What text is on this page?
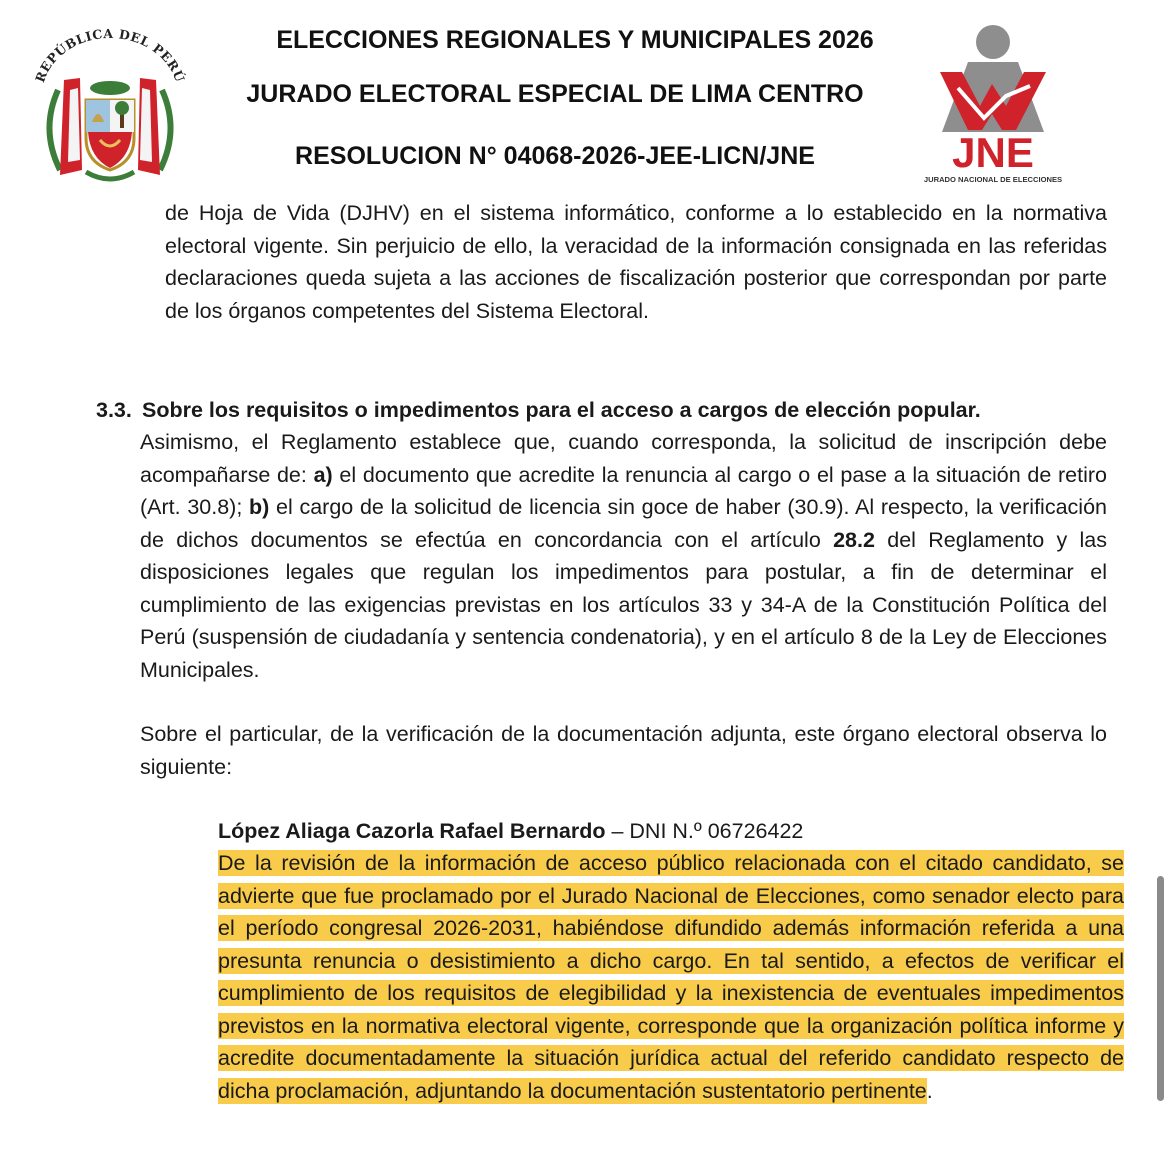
REPÚBLICA DEL PERÚ
ELECCIONES REGIONALES Y MUNICIPALES 2026
JURADO ELECTORAL ESPECIAL DE LIMA CENTRO
RESOLUCION N° 04068-2026-JEE-LICN/JNE	JNE
JURADO NACIONAL DE ELECCIONES

de Hoja de Vida (DJHV) en el sistema informático, conforme a lo establecido en la normativa electoral vigente. Sin perjuicio de ello, la veracidad de la información consignada en las referidas declaraciones queda sujeta a las acciones de fiscalización posterior que correspondan por parte de los órganos competentes del Sistema Electoral.

3.3. Sobre los requisitos o impedimentos para el acceso a cargos de elección popular.

Asimismo, el Reglamento establece que, cuando corresponda, la solicitud de inscripción debe acompañarse de: a) el documento que acredite la renuncia al cargo o el pase a la situación de retiro (Art. 30.8); b) el cargo de la solicitud de licencia sin goce de haber (30.9). Al respecto, la verificación de dichos documentos se efectúa en concordancia con el artículo 28.2 del Reglamento y las disposiciones legales que regulan los impedimentos para postular, a fin de determinar el cumplimiento de las exigencias previstas en los artículos 33 y 34-A de la Constitución Política del Perú (suspensión de ciudadanía y sentencia condenatoria), y en el artículo 8 de la Ley de Elecciones Municipales.

Sobre el particular, de la verificación de la documentación adjunta, este órgano electoral observa lo siguiente:

López Aliaga Cazorla Rafael Bernardo – DNI N.º 06726422

De la revisión de la información de acceso público relacionada con el citado candidato, se advierte que fue proclamado por el Jurado Nacional de Elecciones, como senador electo para el período congresal 2026-2031, habiéndose difundido además información referida a una presunta renuncia o desistimiento a dicho cargo. En tal sentido, a efectos de verificar el cumplimiento de los requisitos de elegibilidad y la inexistencia de eventuales impedimentos previstos en la normativa electoral vigente, corresponde que la organización política informe y acredite documentadamente la situación jurídica actual del referido candidato respecto de dicha proclamación, adjuntando la documentación sustentatorio pertinente.
